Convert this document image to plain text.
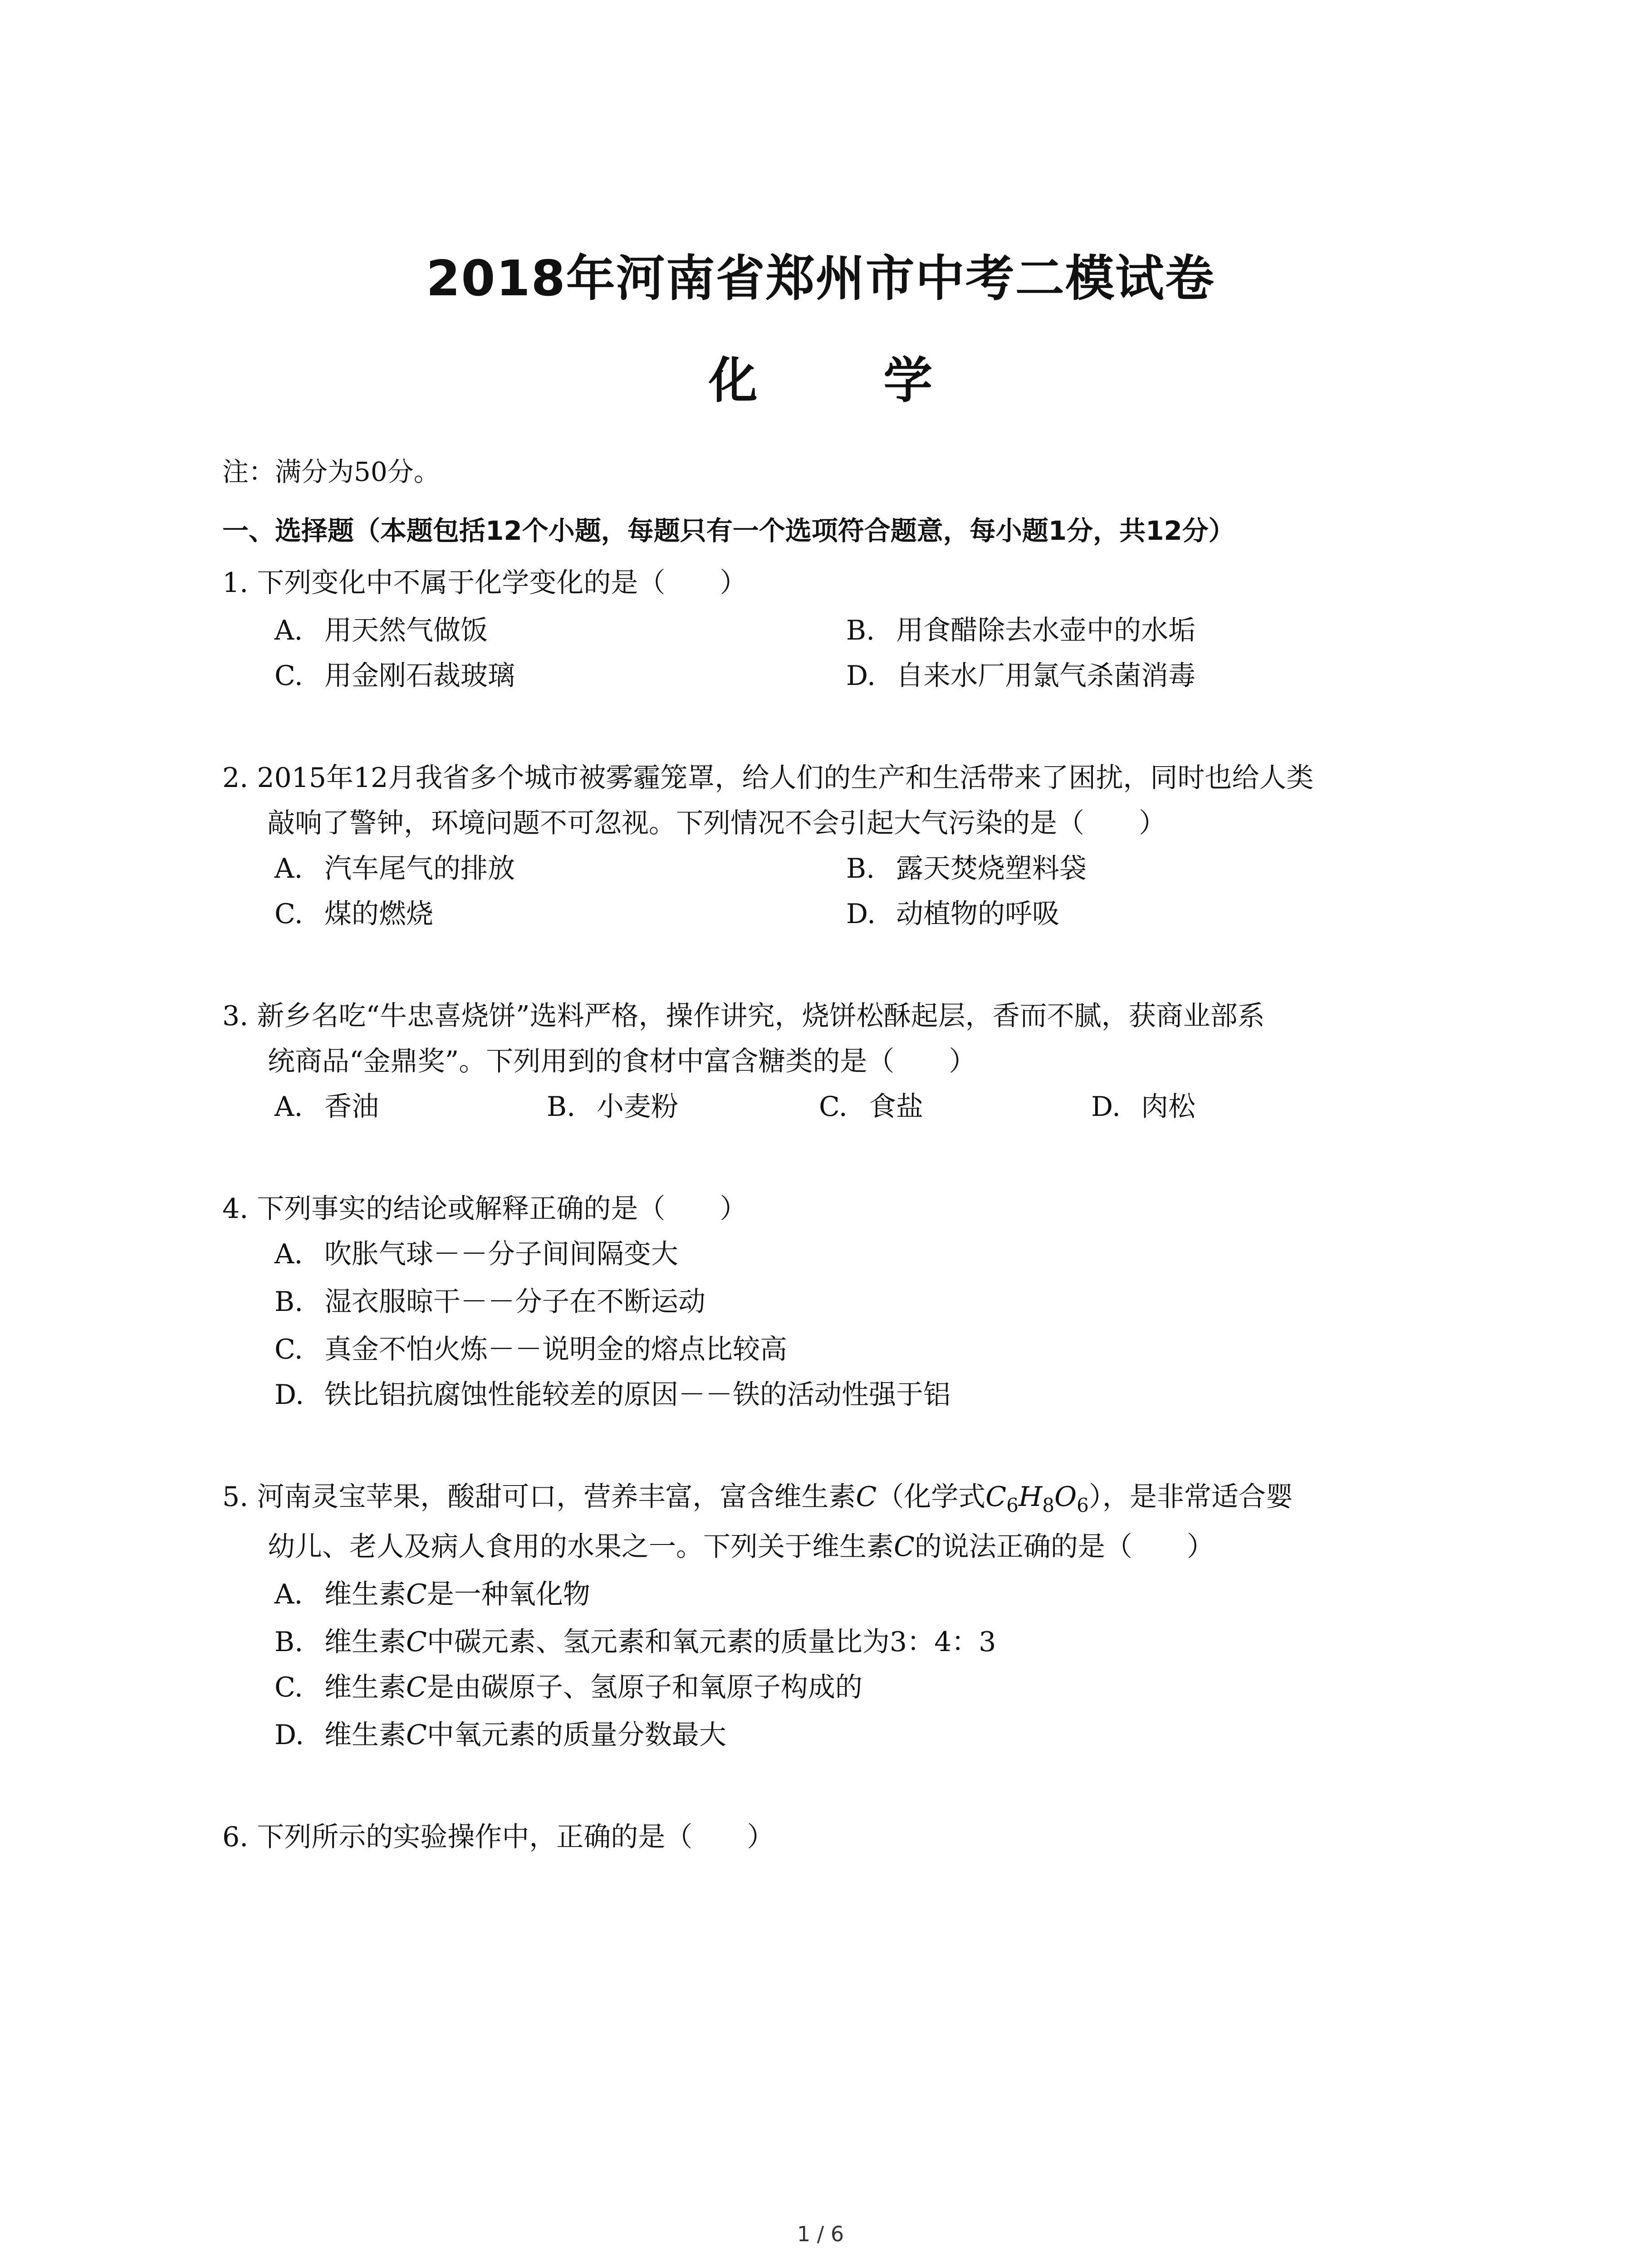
2018年河南省郑州市中考二模试卷
化 学
注：满分为50分。
一、选择题（本题包括12个小题，每题只有一个选项符合题意，每小题1分，共12分）
1. 下列变化中不属于化学变化的是（　　）
A. 用天然气做饭	B. 用食醋除去水壶中的水垢
C. 用金刚石裁玻璃	D. 自来水厂用氯气杀菌消毒
2. 2015年12月我省多个城市被雾霾笼罩，给人们的生产和生活带来了困扰，同时也给人类
敲响了警钟，环境问题不可忽视。下列情况不会引起大气污染的是（　　）
A. 汽车尾气的排放	B. 露天焚烧塑料袋
C. 煤的燃烧	D. 动植物的呼吸
3. 新乡名吃“牛忠喜烧饼”选料严格，操作讲究，烧饼松酥起层，香而不腻，获商业部系
统商品“金鼎奖”。下列用到的食材中富含糖类的是（　　）
A. 香油	B. 小麦粉	C. 食盐	D. 肉松
4. 下列事实的结论或解释正确的是（　　）
A. 吹胀气球－－分子间间隔变大
B. 湿衣服晾干－－分子在不断运动
C. 真金不怕火炼－－说明金的熔点比较高
D. 铁比铝抗腐蚀性能较差的原因－－铁的活动性强于铝
5. 河南灵宝苹果，酸甜可口，营养丰富，富含维生素C（化学式$C_6H_8O_6$），是非常适合婴
幼儿、老人及病人食用的水果之一。下列关于维生素C的说法正确的是（　　）
A. 维生素C是一种氧化物
B. 维生素C中碳元素、氢元素和氧元素的质量比为3：4：3
C. 维生素C是由碳原子、氢原子和氧原子构成的
D. 维生素C中氧元素的质量分数最大
6. 下列所示的实验操作中，正确的是（　　）
1 / 6
